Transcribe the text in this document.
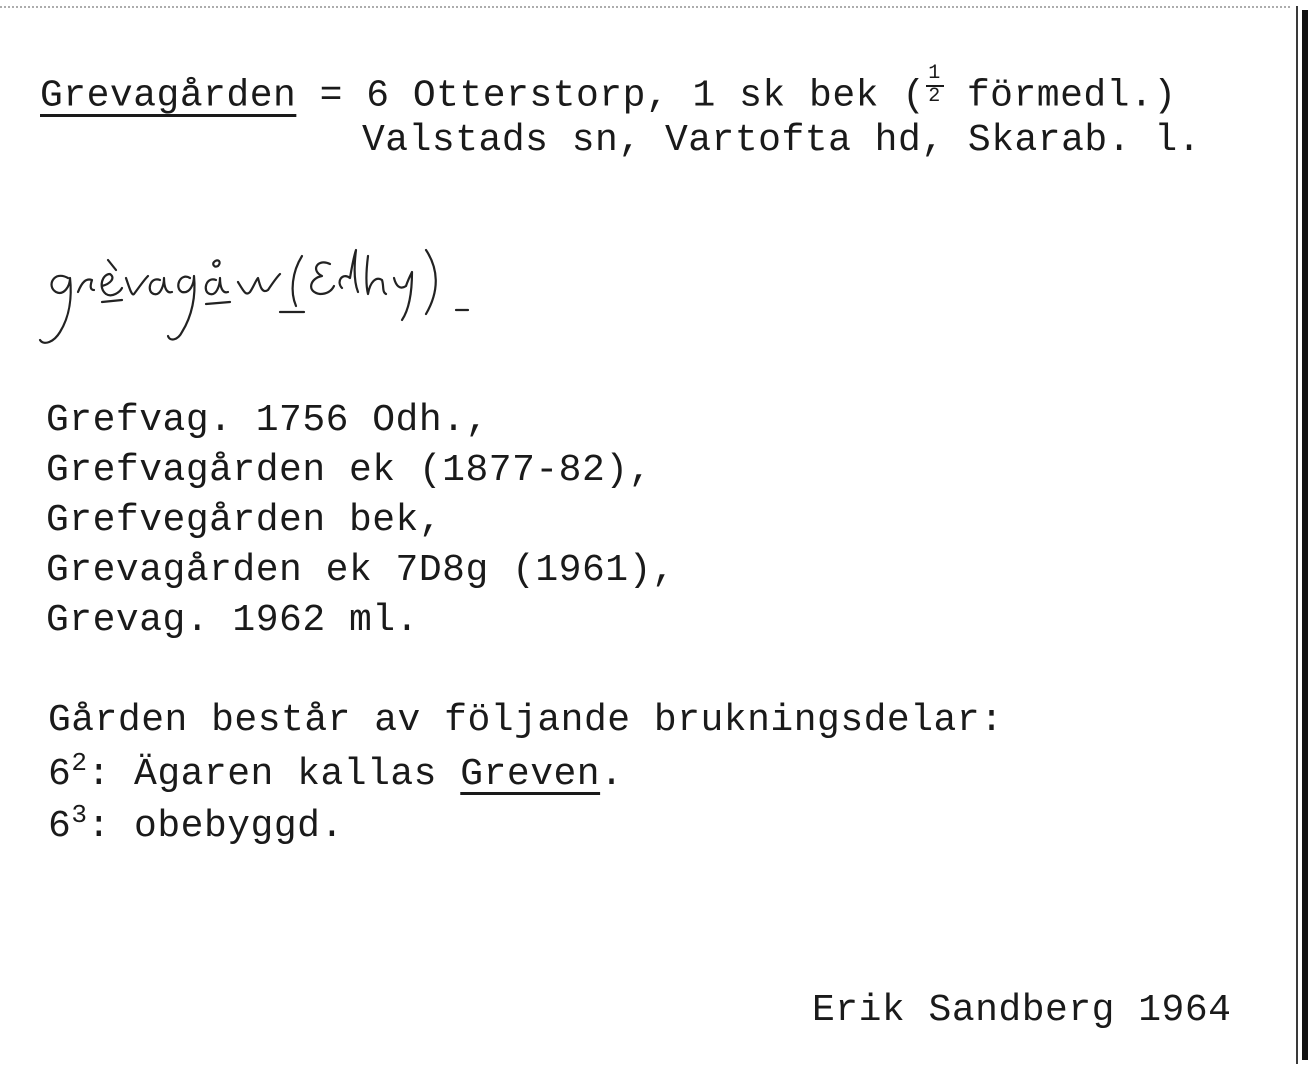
Grevagården = 6 Otterstorp, 1 sk bek ( $\frac{1}{2}$ förmedl.)
Valstads sn, Vartofta hd, Skarab. l.
Grefvag. 1756 Odh.,
Grefvagården ek (1877-82),
Grefvegården bek,
Grevagården ek 7D8g (1961),
Grevag. 1962 ml.
Gården består av följande brukningsdelar:
$6^2$: Ägaren kallas Greven.
$6^3$: obebyggd.
Erik Sandberg 1964
